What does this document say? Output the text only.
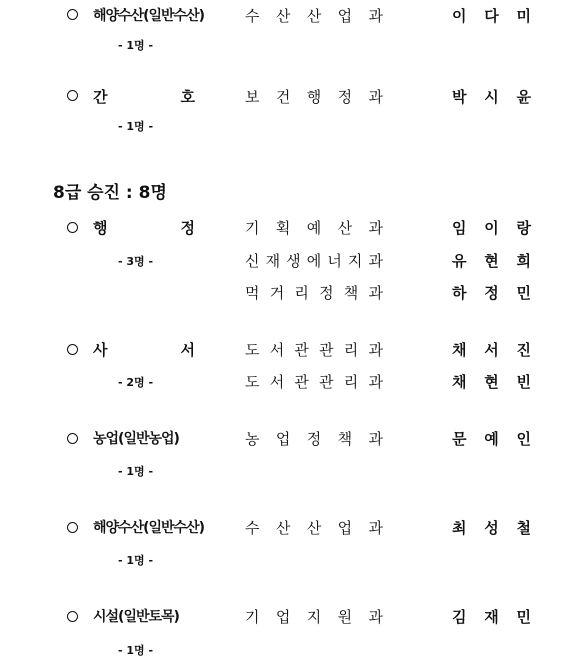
해양수산(일반수산)
- 1명 -
수 산 산 업 과	이 다 미
간	호
- 1명 -
보 건 행 정 과	박 시 윤
8급 승진 : 8명
행	정
- 3명 -
기 획 예 산 과	임 이 랑
신 재 생 에 너 지 과	유 현 희
먹 거 리 정 책 과	하 정 민
사	서
- 2명 -
도 서 관 관 리 과	채 서 진
도 서 관 관 리 과	채 현 빈
농업(일반농업)
- 1명 -
농 업 정 책 과	문 예 인
해양수산(일반수산)
- 1명 -
수 산 산 업 과	최 성 철
시설(일반토목)
- 1명 -
기 업 지 원 과	김 재 민
